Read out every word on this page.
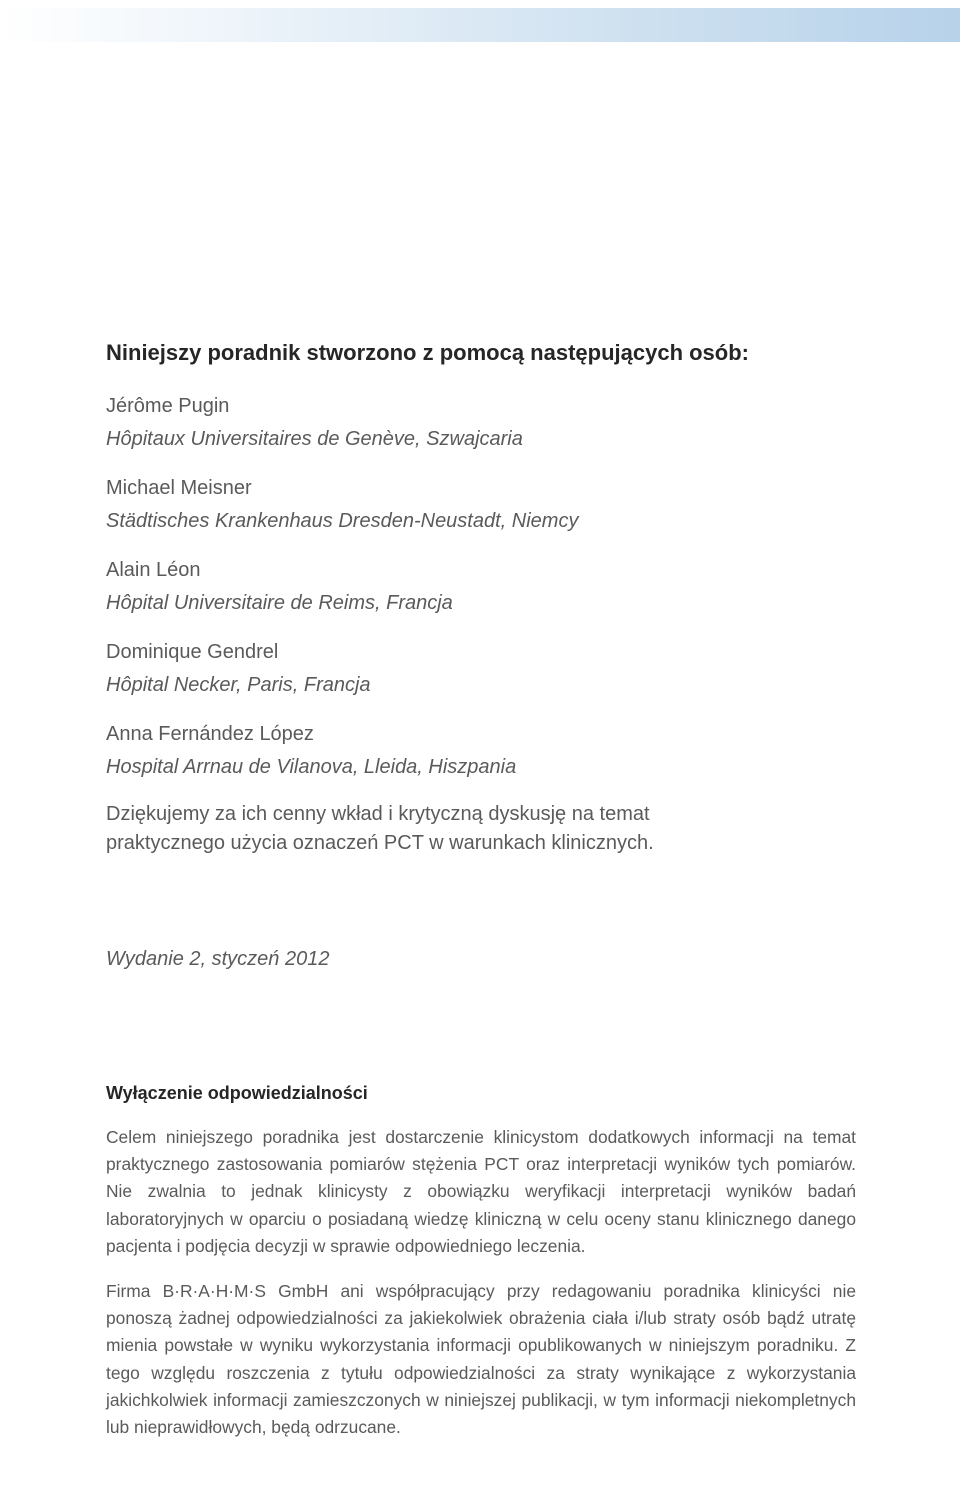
Niniejszy poradnik stworzono z pomocą następujących osób:
Jérôme Pugin
Hôpitaux Universitaires de Genève, Szwajcaria
Michael Meisner
Städtisches Krankenhaus Dresden-Neustadt, Niemcy
Alain Léon
Hôpital Universitaire de Reims, Francja
Dominique Gendrel
Hôpital Necker, Paris, Francja
Anna Fernández López
Hospital Arrnau de Vilanova, Lleida, Hiszpania
Dziękujemy za ich cenny wkład i krytyczną dyskusję na temat praktycznego użycia oznaczeń PCT w warunkach klinicznych.
Wydanie 2, styczeń 2012
Wyłączenie odpowiedzialności
Celem niniejszego poradnika jest dostarczenie klinicystom dodatkowych informacji na temat praktycznego zastosowania pomiarów stężenia PCT oraz interpretacji wyników tych pomiarów. Nie zwalnia to jednak klinicysty z obowiązku weryfikacji interpretacji wyników badań laboratoryjnych w oparciu o posiadaną wiedzę kliniczną w celu oceny stanu klinicznego danego pacjenta i podjęcia decyzji w sprawie odpowiedniego leczenia.
Firma B·R·A·H·M·S GmbH ani współpracujący przy redagowaniu poradnika klinicyści nie ponoszą żadnej odpowiedzialności za jakiekolwiek obrażenia ciała i/lub straty osób bądź utratę mienia powstałe w wyniku wykorzystania informacji opublikowanych w niniejszym poradniku. Z tego względu roszczenia z tytułu odpowiedzialności za straty wynikające z wykorzystania jakichkolwiek informacji zamieszczonych w niniejszej publikacji, w tym informacji niekompletnych lub nieprawidłowych, będą odrzucane.
